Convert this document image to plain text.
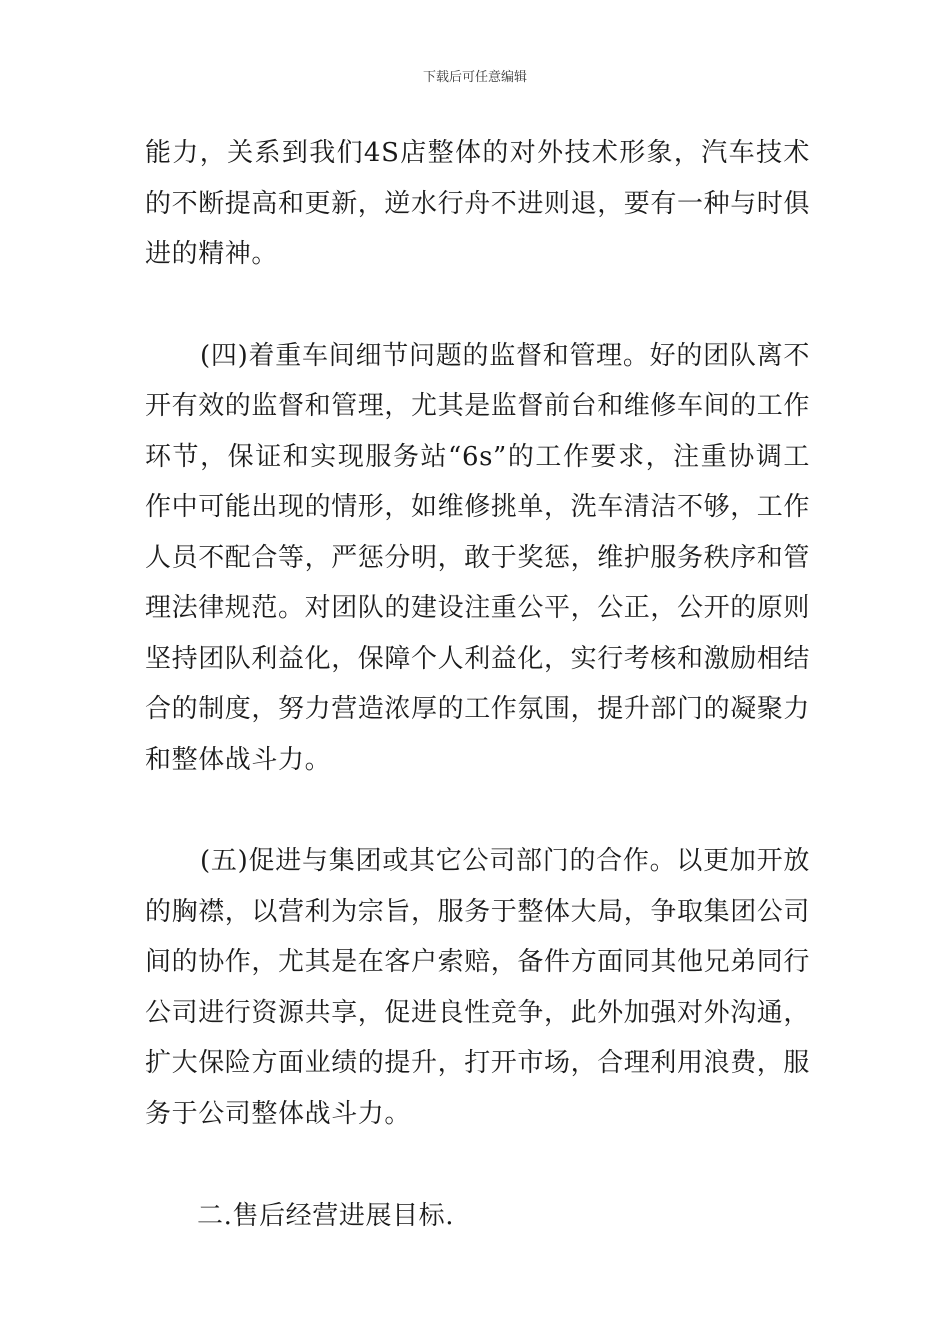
下载后可任意编辑

能力，关系到我们4S店整体的对外技术形象，汽车技术的不断提高和更新，逆水行舟不进则退，要有一种与时俱进的精神。

(四)着重车间细节问题的监督和管理。好的团队离不开有效的监督和管理，尤其是监督前台和维修车间的工作环节，保证和实现服务站“6s”的工作要求，注重协调工作中可能出现的情形，如维修挑单，洗车清洁不够，工作人员不配合等，严惩分明，敢于奖惩，维护服务秩序和管理法律规范。对团队的建设注重公平，公正，公开的原则坚持团队利益化，保障个人利益化，实行考核和激励相结合的制度，努力营造浓厚的工作氛围，提升部门的凝聚力和整体战斗力。

(五)促进与集团或其它公司部门的合作。以更加开放的胸襟，以营利为宗旨，服务于整体大局，争取集团公司间的协作，尤其是在客户索赔，备件方面同其他兄弟同行公司进行资源共享，促进良性竞争，此外加强对外沟通，扩大保险方面业绩的提升，打开市场，合理利用浪费，服务于公司整体战斗力。

二.售后经营进展目标.
